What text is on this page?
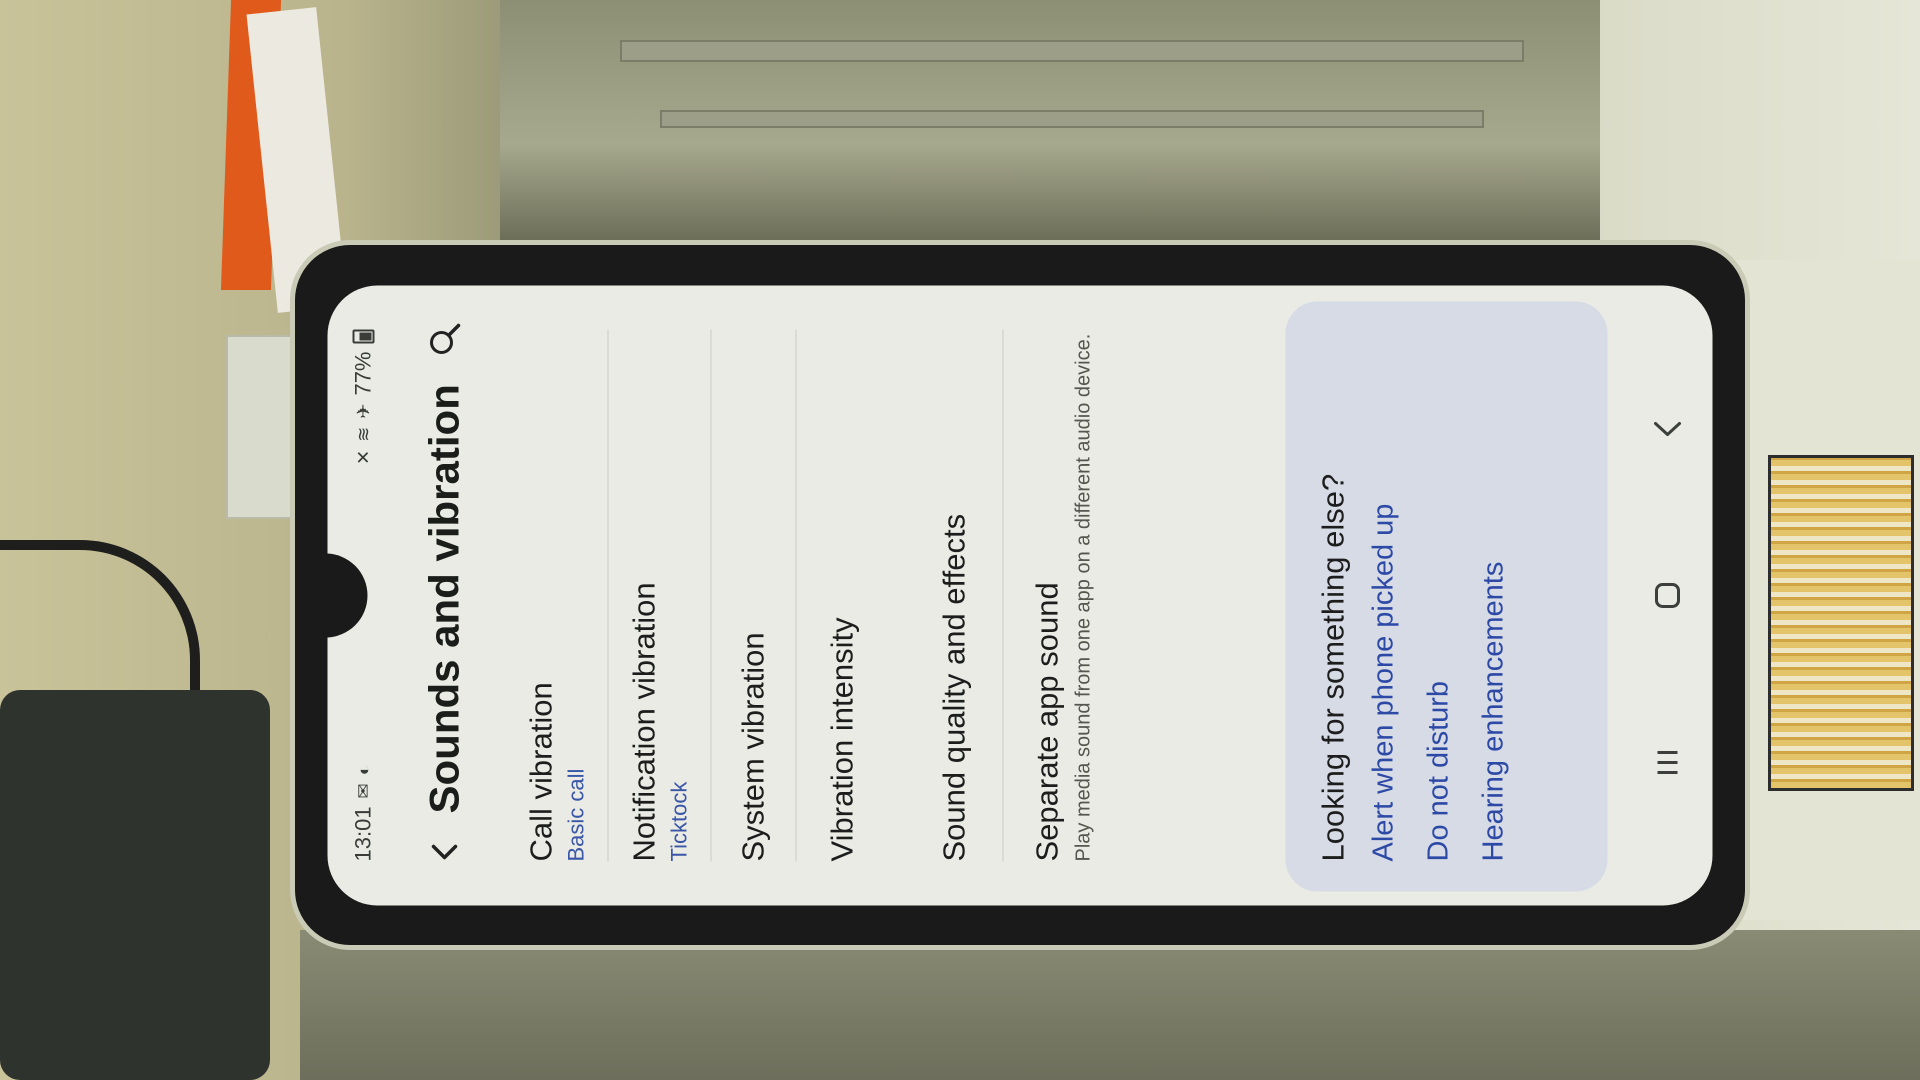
13:01
✉
◐
✕
≋
✈
77%
Sounds and vibration Call vibration Basic call Notification vibration Ticktock System vibration Vibration intensity Sound quality and effects Separate app sound Play media sound from one app on a different audio device.	Looking for something else? Alert when phone picked up Do not disturb Hearing enhancements
